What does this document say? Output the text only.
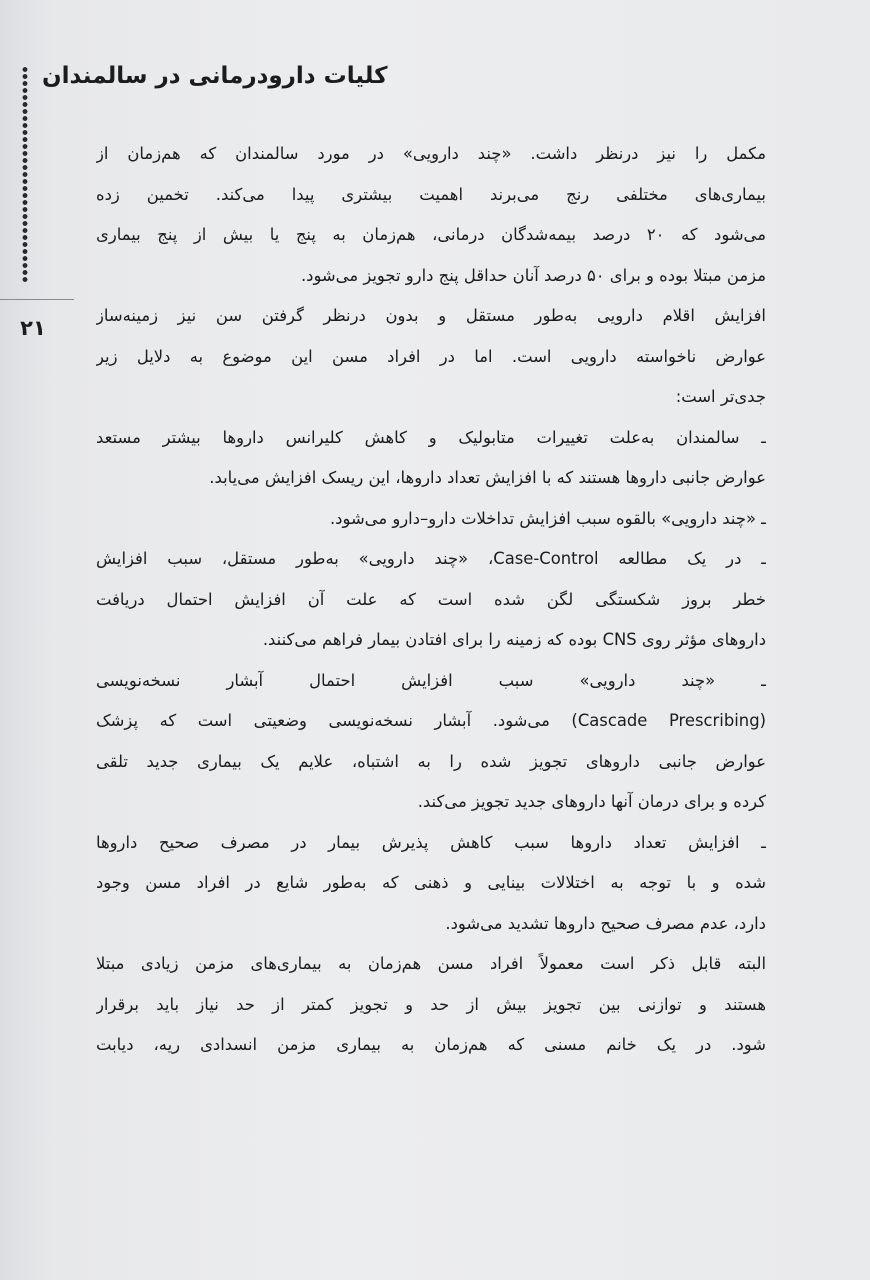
کلیات دارودرمانی در سالمندان
۲۱
مکمل را نیز درنظر داشت. «چند دارویی» در مورد سالمندان که هم‌زمان از
بیماری‌های مختلفی رنج می‌برند اهمیت بیشتری پیدا می‌کند. تخمین زده
می‌شود که ۲۰ درصد بیمه‌شدگان درمانی، هم‌زمان به پنج یا بیش از پنج بیماری
مزمن مبتلا بوده و برای ۵۰ درصد آنان حداقل پنج دارو تجویز می‌شود.
افزایش اقلام دارویی به‌طور مستقل و بدون درنظر گرفتن سن نیز زمینه‌ساز
عوارض ناخواسته دارویی است. اما در افراد مسن این موضوع به دلایل زیر
جدی‌تر است:
ـ سالمندان به‌علت تغییرات متابولیک و کاهش کلیرانس داروها بیشتر مستعد
عوارض جانبی داروها هستند که با افزایش تعداد داروها، این ریسک افزایش می‌یابد.
ـ «چند دارویی» بالقوه سبب افزایش تداخلات دارو–دارو می‌شود.
ـ در یک مطالعه Case-Control، «چند دارویی» به‌طور مستقل، سبب افزایش
خطر بروز شکستگی لگن شده است که علت آن افزایش احتمال دریافت
داروهای مؤثر روی CNS بوده که زمینه را برای افتادن بیمار فراهم می‌کنند.
ـ «چند دارویی» سبب افزایش احتمال آبشار نسخه‌نویسی
(Cascade Prescribing) می‌شود. آبشار نسخه‌نویسی وضعیتی است که پزشک
عوارض جانبی داروهای تجویز شده را به اشتباه، علایم یک بیماری جدید تلقی
کرده و برای درمان آنها داروهای جدید تجویز می‌کند.
ـ افزایش تعداد داروها سبب کاهش پذیرش بیمار در مصرف صحیح داروها
شده و با توجه به اختلالات بینایی و ذهنی که به‌طور شایع در افراد مسن وجود
دارد، عدم مصرف صحیح داروها تشدید می‌شود.
البته قابل ذکر است معمولاً افراد مسن هم‌زمان به بیماری‌های مزمن زیادی مبتلا
هستند و توازنی بین تجویز بیش از حد و تجویز کمتر از حد نیاز باید برقرار
شود. در یک خانم مسنی که هم‌زمان به بیماری مزمن انسدادی ریه، دیابت
